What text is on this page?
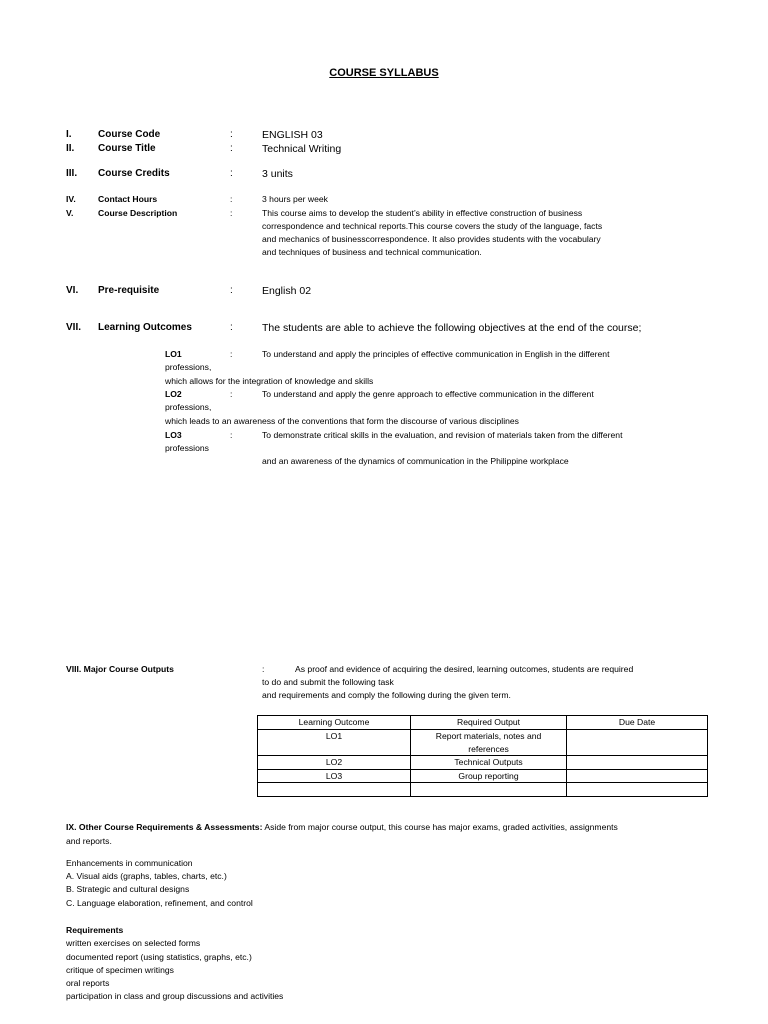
COURSE SYLLABUS
I.	Course Code	:	ENGLISH 03
II. Course Title	:	Technical Writing
III. Course Credits	:	3 units
IV.	Contact Hours	:	3 hours per week
V.	Course Description	:	This course aims to develop the student’s ability in effective construction of business
correspondence and technical reports.This course covers the study of the language, facts
and mechanics of businesscorrespondence. It also provides students with the vocabulary
and techniques of business and technical communication.
VI. Pre-requisite	:	English 02
VII. Learning Outcomes	:	The students are able to achieve the following objectives at the end of the course;
LO1	:	To understand and apply the principles of effective communication in English in the different
professions,
which allows for the integration of knowledge and skills
LO2	:	To understand and apply the genre approach to effective communication in the different
professions,
which leads to an awareness of the conventions that form the discourse of various disciplines
LO3	:	To demonstrate critical skills in the evaluation, and revision of materials taken from the different
professions
and an awareness of the dynamics of communication in the Philippine workplace
VIII. Major Course Outputs	:	As proof and evidence of acquiring the desired, learning outcomes, students are required
to do and submit the following task
and requirements and comply the following during the given term.
Learning Outcome	Required Output	Due Date
LO1	Report materials, notes and
references	

LO2	Technical Outputs	
LO3	Group reporting	

IX. Other Course Requirements & Assessments: Aside from major course output, this course has major exams, graded activities, assignments
and reports.
Enhancements in communication
A. Visual aids (graphs, tables, charts, etc.)
B. Strategic and cultural designs
C. Language elaboration, refinement, and control
Requirements
written exercises on selected forms
documented report (using statistics, graphs, etc.)
critique of specimen writings
oral reports
participation in class and group discussions and activities
